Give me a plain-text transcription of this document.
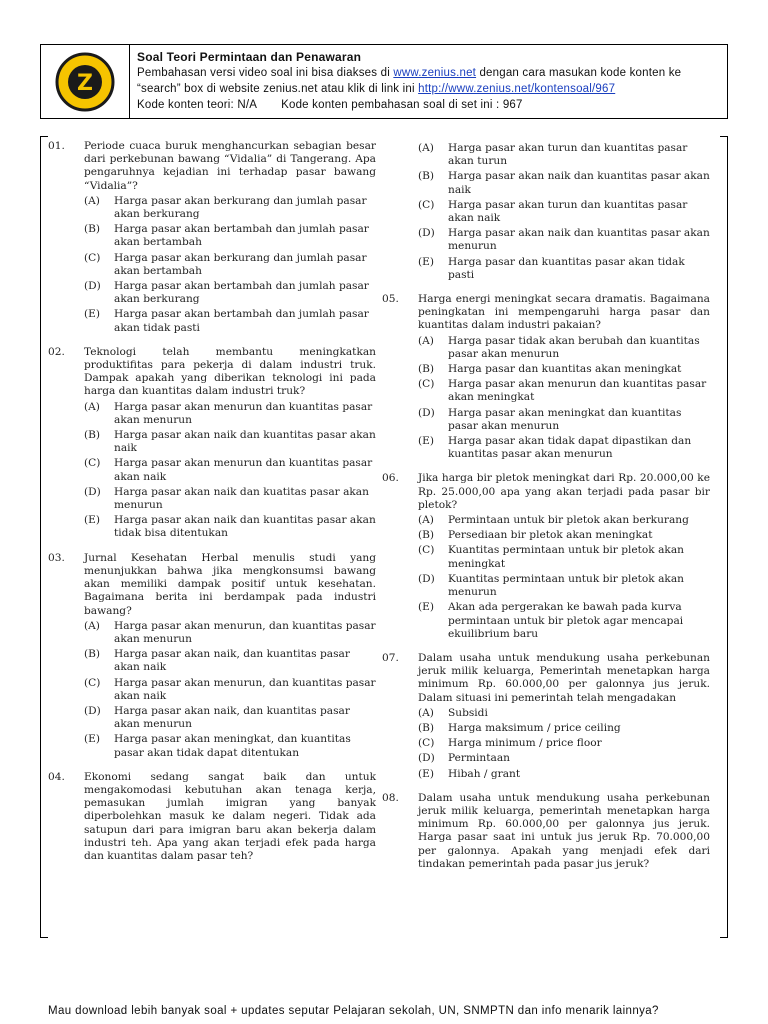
Z
Soal Teori Permintaan dan Penawaran
Pembahasan versi video soal ini bisa diakses di www.zenius.net dengan cara masukan kode konten ke
“search” box di website zenius.net atau klik di link ini http://www.zenius.net/kontensoal/967
Kode konten teori: N/A Kode konten pembahasan soal di set ini : 967
01. Periode cuaca buruk menghancurkan sebagian besar dari perkebunan bawang “Vidalia” di Tangerang. Apa pengaruhnya kejadian ini terhadap pasar bawang “Vidalia”?
(A) Harga pasar akan berkurang dan jumlah pasar akan berkurang
(B) Harga pasar akan bertambah dan jumlah pasar akan bertambah
(C) Harga pasar akan berkurang dan jumlah pasar akan bertambah
(D) Harga pasar akan bertambah dan jumlah pasar akan berkurang
(E) Harga pasar akan bertambah dan jumlah pasar akan tidak pasti
02. Teknologi telah membantu meningkatkan produktifitas para pekerja di dalam industri truk. Dampak apakah yang diberikan teknologi ini pada harga dan kuantitas dalam industri truk?
(A) Harga pasar akan menurun dan kuantitas pasar akan menurun
(B) Harga pasar akan naik dan kuantitas pasar akan naik
(C) Harga pasar akan menurun dan kuantitas pasar akan naik
(D) Harga pasar akan naik dan kuatitas pasar akan menurun
(E) Harga pasar akan naik dan kuantitas pasar akan tidak bisa ditentukan
03. Jurnal Kesehatan Herbal menulis studi yang menunjukkan bahwa jika mengkonsumsi bawang akan memiliki dampak positif untuk kesehatan. Bagaimana berita ini berdampak pada industri bawang?
(A) Harga pasar akan menurun, dan kuantitas pasar akan menurun
(B) Harga pasar akan naik, dan kuantitas pasar akan naik
(C) Harga pasar akan menurun, dan kuantitas pasar akan naik
(D) Harga pasar akan naik, dan kuantitas pasar akan menurun
(E) Harga pasar akan meningkat, dan kuantitas pasar akan tidak dapat ditentukan
04. Ekonomi sedang sangat baik dan untuk mengakomodasi kebutuhan akan tenaga kerja, pemasukan jumlah imigran yang banyak diperbolehkan masuk ke dalam negeri. Tidak ada satupun dari para imigran baru akan bekerja dalam industri teh. Apa yang akan terjadi efek pada harga dan kuantitas dalam pasar teh?
(A) Harga pasar akan turun dan kuantitas pasar akan turun
(B) Harga pasar akan naik dan kuantitas pasar akan naik
(C) Harga pasar akan turun dan kuantitas pasar akan naik
(D) Harga pasar akan naik dan kuantitas pasar akan menurun
(E) Harga pasar dan kuantitas pasar akan tidak pasti
05. Harga energi meningkat secara dramatis. Bagaimana peningkatan ini mempengaruhi harga pasar dan kuantitas dalam industri pakaian?
(A) Harga pasar tidak akan berubah dan kuantitas pasar akan menurun
(B) Harga pasar dan kuantitas akan meningkat
(C) Harga pasar akan menurun dan kuantitas pasar akan meningkat
(D) Harga pasar akan meningkat dan kuantitas pasar akan menurun
(E) Harga pasar akan tidak dapat dipastikan dan kuantitas pasar akan menurun
06. Jika harga bir pletok meningkat dari Rp. 20.000,00 ke Rp. 25.000,00 apa yang akan terjadi pada pasar bir pletok?
(A) Permintaan untuk bir pletok akan berkurang
(B) Persediaan bir pletok akan meningkat
(C) Kuantitas permintaan untuk bir pletok akan meningkat
(D) Kuantitas permintaan untuk bir pletok akan menurun
(E) Akan ada pergerakan ke bawah pada kurva permintaan untuk bir pletok agar mencapai ekuilibrium baru
07. Dalam usaha untuk mendukung usaha perkebunan jeruk milik keluarga, Pemerintah menetapkan harga minimum Rp. 60.000,00 per galonnya jus jeruk. Dalam situasi ini pemerintah telah mengadakan
(A) Subsidi
(B) Harga maksimum / price ceiling
(C) Harga minimum / price floor
(D) Permintaan
(E) Hibah / grant
08. Dalam usaha untuk mendukung usaha perkebunan jeruk milik keluarga, pemerintah menetapkan harga minimum Rp. 60.000,00 per galonnya jus jeruk. Harga pasar saat ini untuk jus jeruk Rp. 70.000,00 per galonnya. Apakah yang menjadi efek dari tindakan pemerintah pada pasar jus jeruk?
Mau download lebih banyak soal + updates seputar Pelajaran sekolah, UN, SNMPTN dan info menarik lainnya?
